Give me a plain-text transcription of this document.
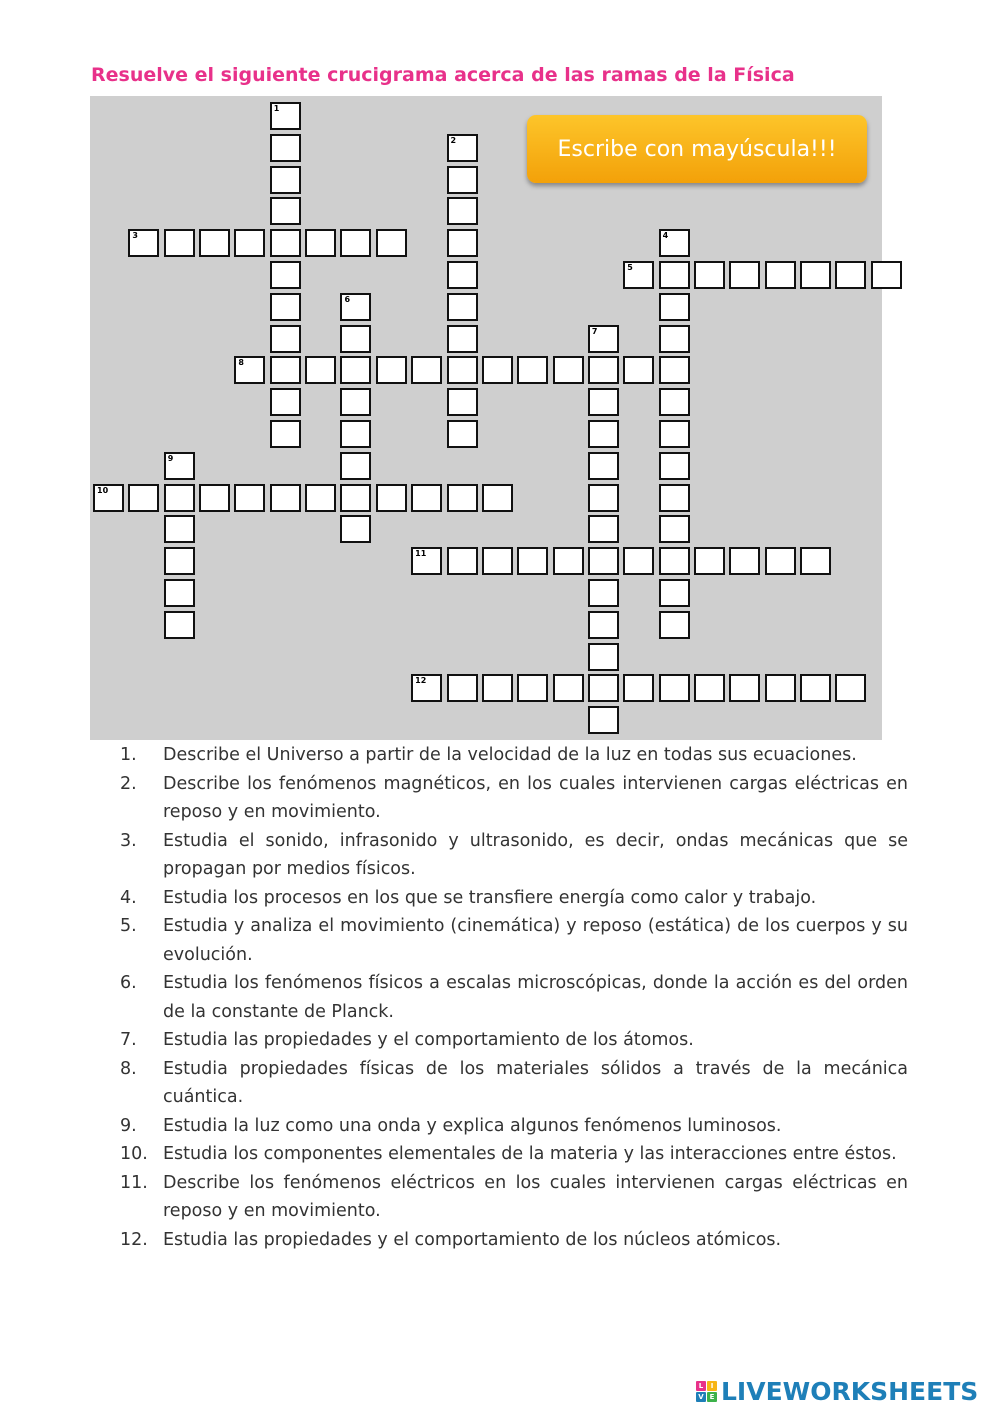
Resuelve el siguiente crucigrama acerca de las ramas de la Física
1
2
3	4
5
6
7
8
9
10
11
12
Escribe con mayúscula!!!
1. Describe el Universo a partir de la velocidad de la luz en todas sus ecuaciones.
2. Describe los fenómenos magnéticos, en los cuales intervienen cargas eléctricas en reposo y en movimiento.
3. Estudia el sonido, infrasonido y ultrasonido, es decir, ondas mecánicas que se propagan por medios físicos.
4. Estudia los procesos en los que se transfiere energía como calor y trabajo.
5. Estudia y analiza el movimiento (cinemática) y reposo (estática) de los cuerpos y su evolución.
6. Estudia los fenómenos físicos a escalas microscópicas, donde la acción es del orden de la constante de Planck.
7. Estudia las propiedades y el comportamiento de los átomos.
8. Estudia propiedades físicas de los materiales sólidos a través de la mecánica cuántica.
9. Estudia la luz como una onda y explica algunos fenómenos luminosos.
10. Estudia los componentes elementales de la materia y las interacciones entre éstos.
11. Describe los fenómenos eléctricos en los cuales intervienen cargas eléctricas en reposo y en movimiento.
12. Estudia las propiedades y el comportamiento de los núcleos atómicos.
L	I
V E LIVEWORKSHEETS
